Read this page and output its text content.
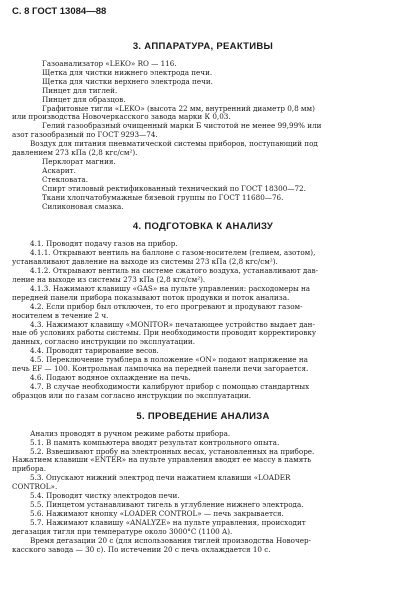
С. 8 ГОСТ 13084—88
3. АППАРАТУРА, РЕАКТИВЫ
Газоанализатор «LEKO» RO — 116.
Щетка для чистки нижнего электрода печи.
Щетка для чистки верхнего электрода печи.
Пинцет для тиглей.
Пинцет для образцов.
Графитовые тигли «LEKO» (высота 22 мм, внутренний диаметр 0,8 мм)
или производства Новочеркасского завода марки К 0,03.
Гелий газообразный очищенный марки Б чистотой не менее 99,99% или
азот газообразный по ГОСТ 9293—74.
Воздух для питания пневматической системы приборов, поступающий под
давлением 273 кПа (2,8 кгс/см²).
Перклорат магния.
Аскарит.
Стекловата.
Спирт этиловый ректификованный технический по ГОСТ 18300—72.
Ткани хлопчатобумажные бязевой группы по ГОСТ 11680—76.
Силиконовая смазка.
4. ПОДГОТОВКА К АНАЛИЗУ
4.1. Проводят подачу газов на прибор.
4.1.1. Открывают вентиль на баллоне с газом-носителем (гелием, азотом),
устанавливают давление на выходе из системы 273 кПа (2,8 кгс/см²).
4.1.2. Открывают вентиль на системе сжатого воздуха, устанавливают дав-
ление на выходе из системы 273 кПа (2,8 кгс/см²).
4.1.3. Нажимают клавишу «GAS» на пульте управления: расходомеры на
передней панели прибора показывают поток продувки и поток анализа.
4.2. Если прибор был отключен, то его прогревают и продувают газом-
носителем в течение 2 ч.
4.3. Нажимают клавишу «MONITOR» печатающее устройство выдает дан-
ные об условиях работы системы. При необходимости проводят корректировку
данных, согласно инструкции по эксплуатации.
4.4. Проводят тарирование весов.
4.5. Переключение тумблера в положение «ON» подают напряжение на
печь EF — 100. Контрольная лампочка на передней панели печи загорается.
4.6. Подают водяное охлаждение на печь.
4.7. В случае необходимости калибруют прибор с помощью стандартных
образцов или по газам согласно инструкции по эксплуатации.
5. ПРОВЕДЕНИЕ АНАЛИЗА
Анализ проводят в ручном режиме работы прибора.
5.1. В память компьютера вводят результат контрольного опыта.
5.2. Взвешивают пробу на электронных весах, установленных на приборе.
Нажатием клавиши «ENTER» на пульте управления вводят ее массу в память
прибора.
5.3. Опускают нижний электрод печи нажатием клавиши «LOADER
CONTROL».
5.4. Проводят чистку электродов печи.
5.5. Пинцетом устанавливают тигель в углубление нижнего электрода.
5.6. Нажимают кнопку «LOADER CONTROL» — печь закрывается.
5.7. Нажимают клавишу «ANALYZE» на пульте управления, происходит
дегазация тигля при температуре около 3000°C (1100 A).
Время дегазации 20 с (для использования тиглей производства Новочер-
касского завода — 30 с). По истечении 20 с печь охлаждается 10 с.
